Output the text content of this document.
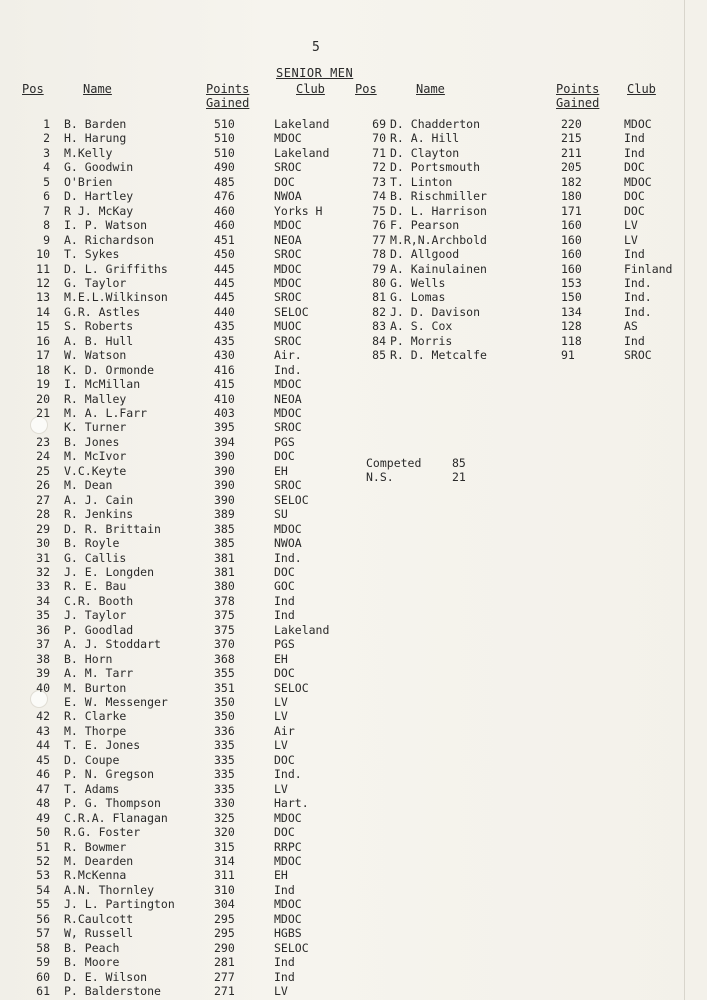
5
SENIOR MEN
Pos	Name	Points
Gained
Club	Pos	Name	Points
Gained
Club
1 B. Barden	510	Lakeland
2 H. Harung	510	MDOC
3 M.Kelly	510	Lakeland
4 G. Goodwin	490	SROC
5 O'Brien	485	DOC
6 D. Hartley	476	NWOA
7 R J. McKay	460	Yorks H
8 I. P. Watson	460	MDOC
9 A. Richardson	451	NEOA
10 T. Sykes	450	SROC
11 D. L. Griffiths	445	MDOC
12 G. Taylor	445	MDOC
13 M.E.L.Wilkinson	445	SROC
14 G.R. Astles	440	SELOC
15 S. Roberts	435	MUOC
16 A. B. Hull	435	SROC
17 W. Watson	430	Air.
18 K. D. Ormonde	416	Ind.
19 I. McMillan	415	MDOC
20 R. Malley	410	NEOA
21 M. A. L.Farr	403	MDOC
K. Turner	395	SROC
23 B. Jones	394	PGS
24 M. McIvor	390	DOC
25 V.C.Keyte	390	EH
26 M. Dean	390	SROC
27 A. J. Cain	390	SELOC
28 R. Jenkins	389	SU
29 D. R. Brittain	385	MDOC
30 B. Royle	385	NWOA
31 G. Callis	381	Ind.
32 J. E. Longden	381	DOC
33 R. E. Bau	380	GOC
34 C.R. Booth	378	Ind
35 J. Taylor	375	Ind
36 P. Goodlad	375	Lakeland
37 A. J. Stoddart	370	PGS
38 B. Horn	368	EH
39 A. M. Tarr	355	DOC
40 M. Burton	351	SELOC
E. W. Messenger	350	LV
42 R. Clarke	350	LV
43 M. Thorpe	336	Air
44 T. E. Jones	335	LV
45 D. Coupe	335	DOC
46 P. N. Gregson	335	Ind.
47 T. Adams	335	LV
48 P. G. Thompson	330	Hart.
49 C.R.A. Flanagan	325	MDOC
50 R.G. Foster	320	DOC
51 R. Bowmer	315	RRPC
52 M. Dearden	314	MDOC
53 R.McKenna	311	EH
54 A.N. Thornley	310	Ind
55 J. L. Partington	304	MDOC
56 R.Caulcott	295	MDOC
57 W, Russell	295	HGBS
58 B. Peach	290	SELOC
59 B. Moore	281	Ind
60 D. E. Wilson	277	Ind
61 P. Balderstone	271	LV
69 D. Chadderton	220	MDOC
70 R. A. Hill	215	Ind
71 D. Clayton	211	Ind
72 D. Portsmouth	205	DOC
73 T. Linton	182	MDOC
74 B. Rischmiller	180	DOC
75 D. L. Harrison	171	DOC
76 F. Pearson	160	LV
77 M.R,N.Archbold	160	LV
78 D. Allgood	160	Ind
79 A. Kainulainen	160	Finland
80 G. Wells	153	Ind.
81 G. Lomas	150	Ind.
82 J. D. Davison	134	Ind.
83 A. S. Cox	128	AS
84 P. Morris	118	Ind
85 R. D. Metcalfe	91	SROC
Competed	85
N.S.	21
